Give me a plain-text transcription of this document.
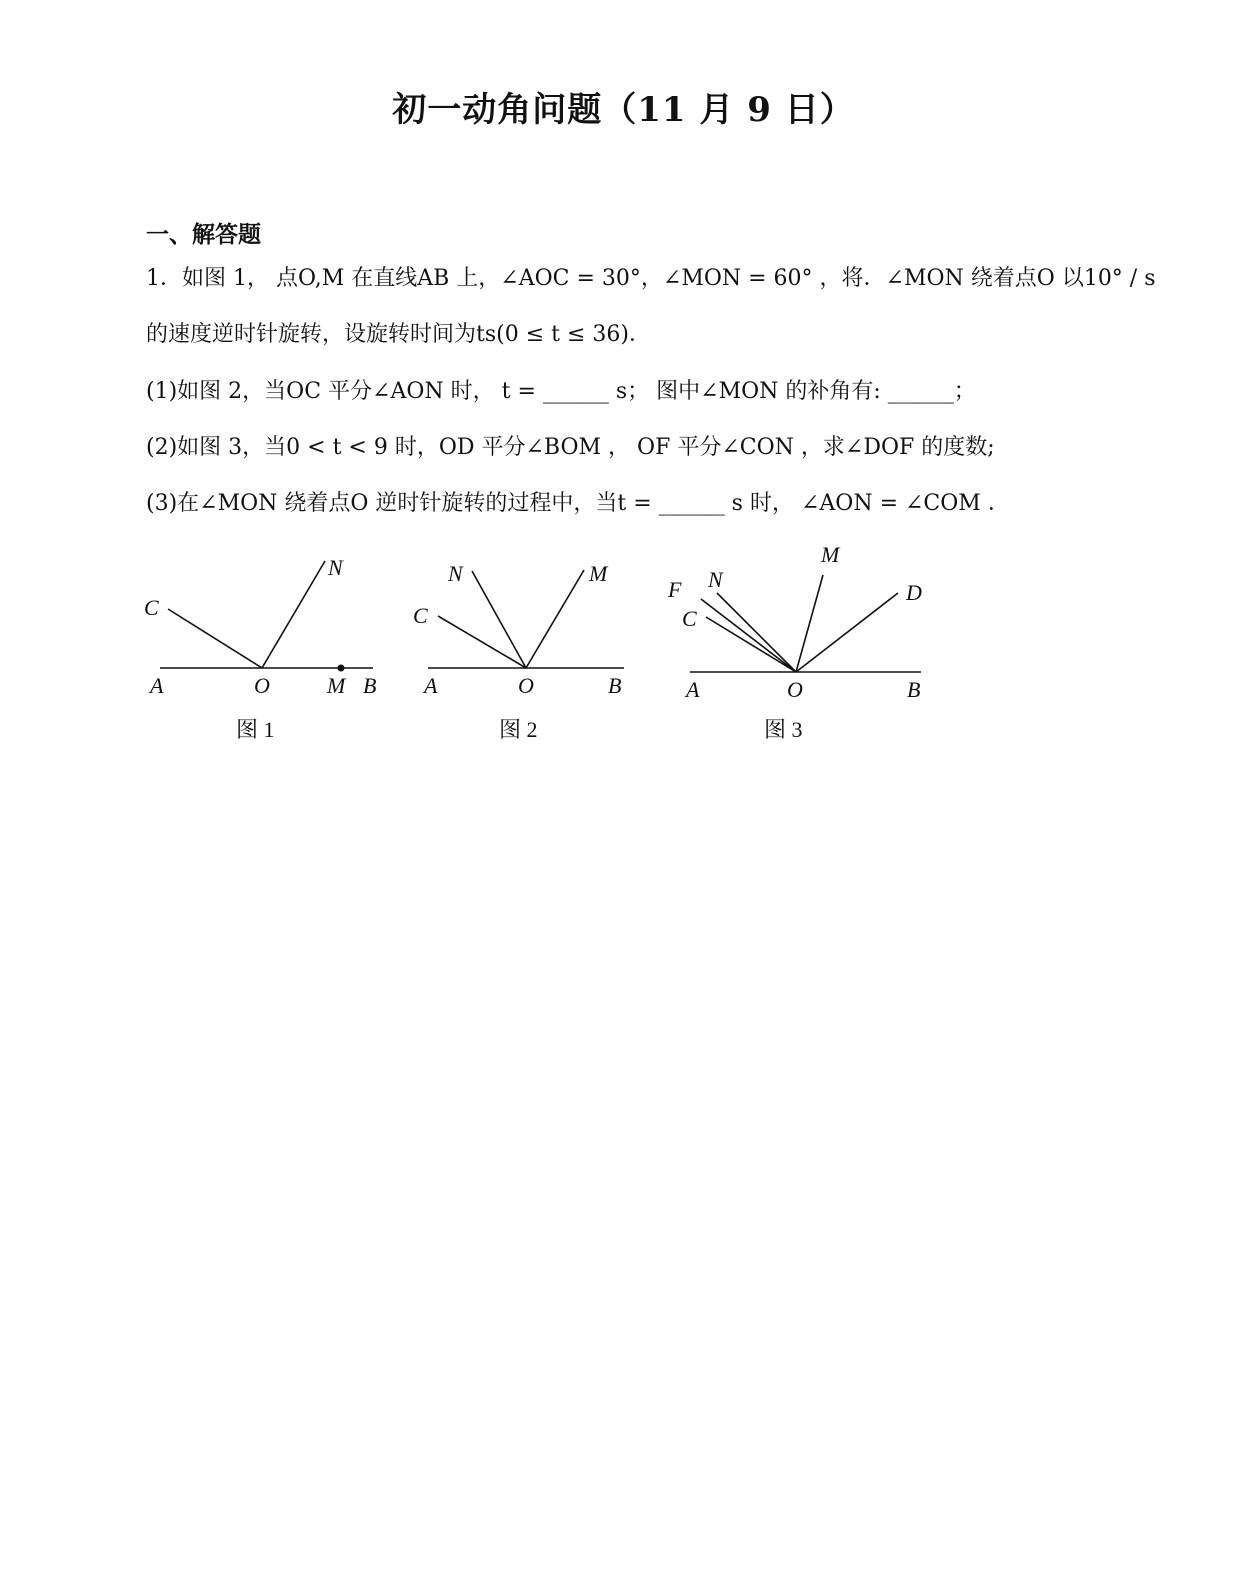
初一动角问题（11 月 9 日）
一、解答题
1．如图 1， 点O,M 在直线AB 上，∠AOC = 30°，∠MON = 60° ，将．∠MON 绕着点O 以10° / s
的速度逆时针旋转，设旋转时间为ts(0 ≤ t ≤ 36)．
(1)如图 2，当OC 平分∠AON 时， t = ______ s； 图中∠MON 的补角有: ______；
(2)如图 3，当0 < t < 9 时，OD 平分∠BOM ， OF 平分∠CON ，求∠DOF 的度数;
(3)在∠MON 绕着点O 逆时针旋转的过程中，当t = ______ s 时， ∠AON = ∠COM ．
C
N
A	O	M B
图 1
N	M
C
A	O	B
图 2
M
F N
D
C
A	O	B
图 3
